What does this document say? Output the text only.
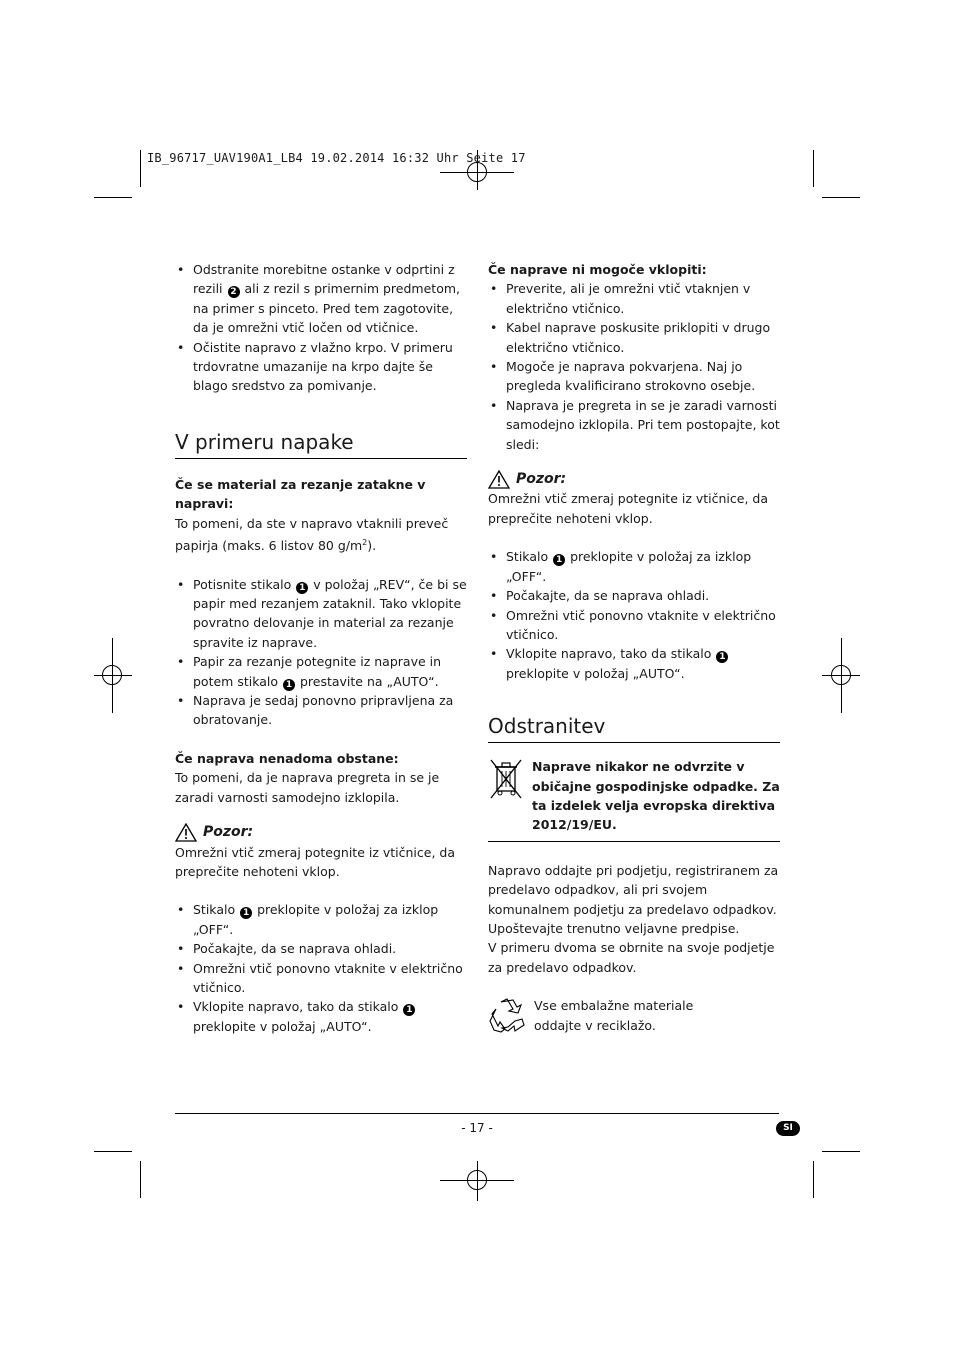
IB_96717_UAV190A1_LB4 19.02.2014 16:32 Uhr Seite 17
• Odstranite morebitne ostanke v odprtini z rezili 2 ali z rezil s primernim predmetom, na primer s pinceto. Pred tem zagotovite, da je omrežni vtič ločen od vtičnice.
• Očistite napravo z vlažno krpo. V primeru trdovratne umazanije na krpo dajte še blago sredstvo za pomivanje.
V primeru napake

Če se material za rezanje zatakne v napravi:

To pomeni, da ste v napravo vtaknili preveč papirja (maks. 6 listov 80 $g/m^2$).

• Potisnite stikalo 1 v položaj „REV“, če bi se papir med rezanjem zataknil. Tako vklopite povratno delovanje in material za rezanje spravite iz naprave.
• Papir za rezanje potegnite iz naprave in potem stikalo 1 prestavite na „AUTO“.
• Naprava je sedaj ponovno pripravljena za obratovanje.

Če naprava nenadoma obstane:

To pomeni, da je naprava pregreta in se je zaradi varnosti samodejno izklopila.

Pozor:

Omrežni vtič zmeraj potegnite iz vtičnice, da preprečite nehoteni vklop.

• Stikalo 1 preklopite v položaj za izklop „OFF“.
• Počakajte, da se naprava ohladi.
• Omrežni vtič ponovno vtaknite v električno vtičnico.
• Vklopite napravo, tako da stikalo 1 preklopite v položaj „AUTO“.

Če naprave ni mogoče vklopiti:

• Preverite, ali je omrežni vtič vtaknjen v električno vtičnico.
• Kabel naprave poskusite priklopiti v drugo električno vtičnico.
• Mogoče je naprava pokvarjena. Naj jo pregleda kvalificirano strokovno osebje.
• Naprava je pregreta in se je zaradi varnosti samodejno izklopila. Pri tem postopajte, kot sledi:
Pozor:

Omrežni vtič zmeraj potegnite iz vtičnice, da preprečite nehoteni vklop.

• Stikalo 1 preklopite v položaj za izklop „OFF“.
• Počakajte, da se naprava ohladi.
• Omrežni vtič ponovno vtaknite v električno vtičnico.
• Vklopite napravo, tako da stikalo 1 preklopite v položaj „AUTO“.
Odstranitev
Naprave nikakor ne odvrzite v običajne gospodinjske odpadke. Za ta izdelek velja evropska direktiva 2012/19/EU.

Napravo oddajte pri podjetju, registriranem za predelavo odpadkov, ali pri svojem komunalnem podjetju za predelavo odpadkov.

Upoštevajte trenutno veljavne predpise.

V primeru dvoma se obrnite na svoje podjetje za predelavo odpadkov.

Vse embalažne materiale oddajte v reciklažo.
- 17 -	SI
